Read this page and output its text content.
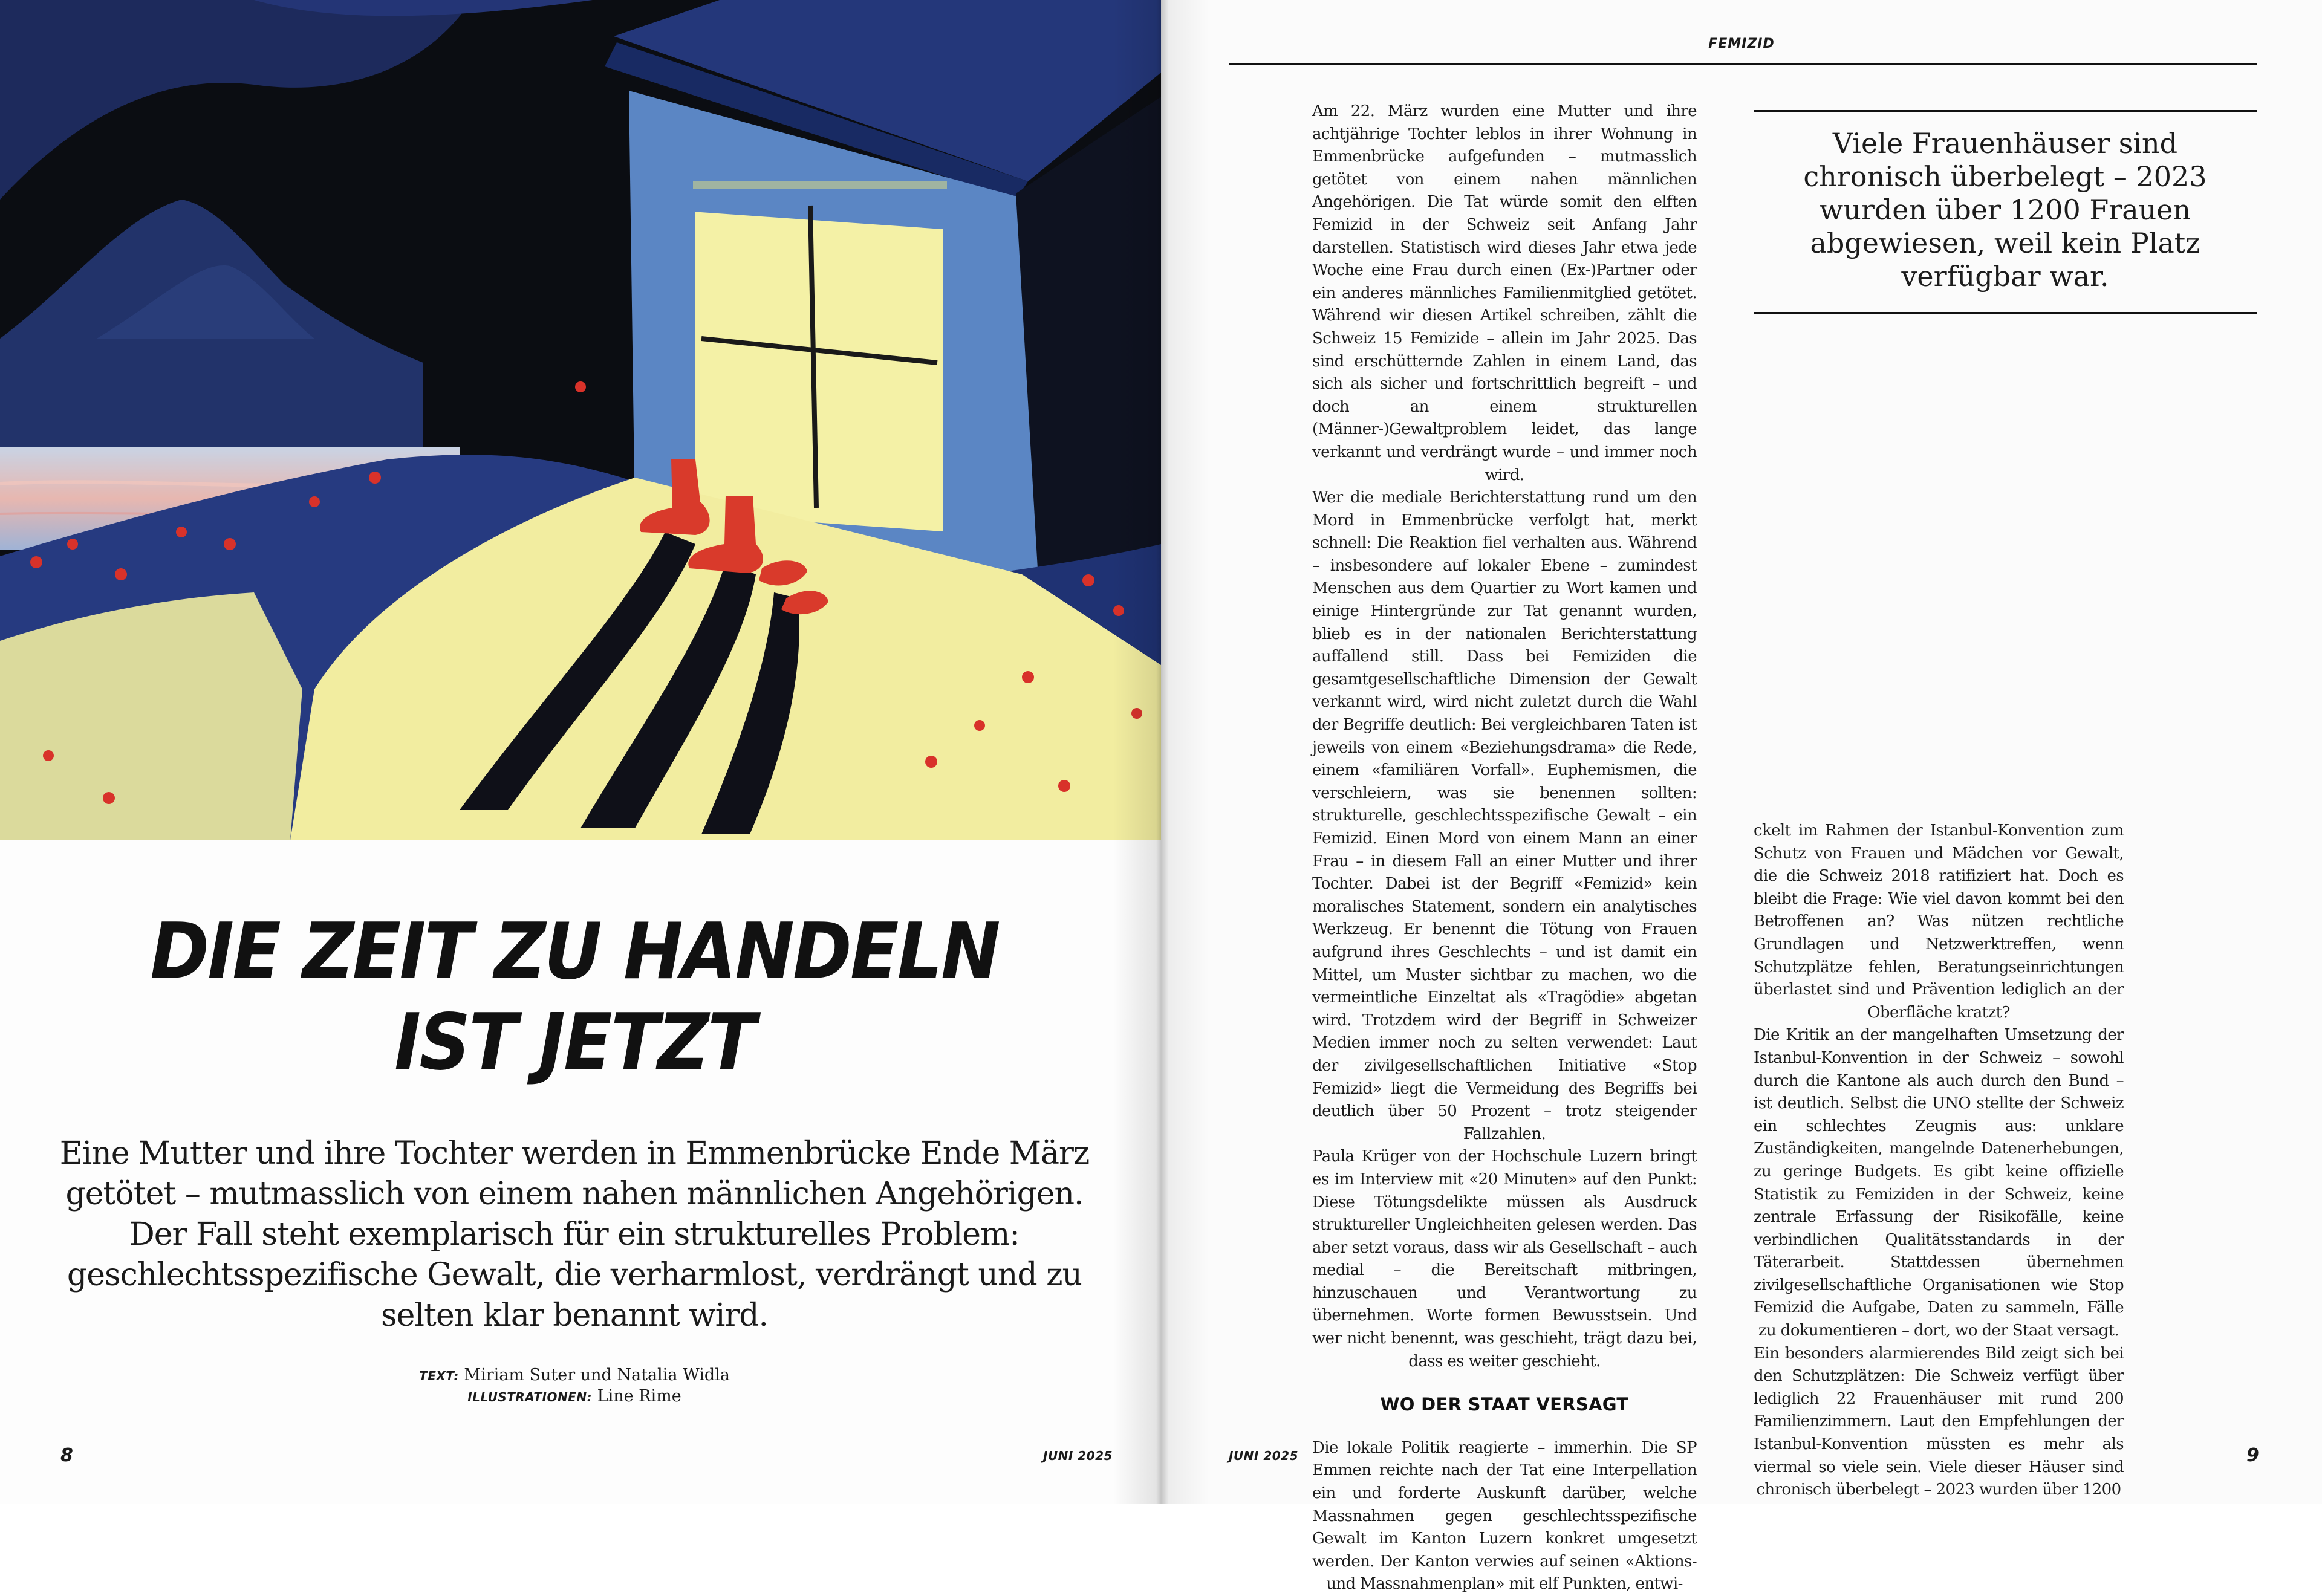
DIE ZEIT ZU HANDELN
IST JETZT

Eine Mutter und ihre Tochter werden in Emmenbrücke Ende März getötet – mutmasslich von einem nahen männlichen Angehörigen. Der Fall steht exemplarisch für ein strukturelles Problem: geschlechtsspezifische Gewalt, die verharmlost, verdrängt und zu selten klar benannt wird.

TEXT: Miriam Suter und Natalia Widla
ILLUSTRATIONEN: Line Rime
8	JUNI 2025
FEMIZID

Am 22. März wurden eine Mutter und ihre achtjährige Tochter leblos in ihrer Wohnung in Emmenbrücke aufgefunden – mutmasslich getötet von einem nahen männlichen Angehörigen. Die Tat würde somit den elften Femizid in der Schweiz seit Anfang Jahr darstellen. Statistisch wird dieses Jahr etwa jede Woche eine Frau durch einen (Ex-)Partner oder ein anderes männliches Familienmitglied getötet. Während wir diesen Artikel schreiben, zählt die Schweiz 15 Femizide – allein im Jahr 2025. Das sind erschütternde Zahlen in einem Land, das sich als sicher und fortschrittlich begreift – und doch an einem strukturellen (Männer-)Gewaltproblem leidet, das lange verkannt und verdrängt wurde – und immer noch wird.

Wer die mediale Berichterstattung rund um den Mord in Emmenbrücke verfolgt hat, merkt schnell: Die Reaktion fiel verhalten aus. Während – insbesondere auf lokaler Ebene – zumindest Menschen aus dem Quartier zu Wort kamen und einige Hintergründe zur Tat genannt wurden, blieb es in der nationalen Berichterstattung auffallend still. Dass bei Femiziden die gesamtgesellschaftliche Dimension der Gewalt verkannt wird, wird nicht zuletzt durch die Wahl der Begriffe deutlich: Bei vergleichbaren Taten ist jeweils von einem «Beziehungsdrama» die Rede, einem «familiären Vorfall». Euphemismen, die verschleiern, was sie benennen sollten: strukturelle, geschlechtsspezifische Gewalt – ein Femizid. Einen Mord von einem Mann an einer Frau – in diesem Fall an einer Mutter und ihrer Tochter. Dabei ist der Begriff «Femizid» kein moralisches Statement, sondern ein analytisches Werkzeug. Er benennt die Tötung von Frauen aufgrund ihres Geschlechts – und ist damit ein Mittel, um Muster sichtbar zu machen, wo die vermeintliche Einzeltat als «Tragödie» abgetan wird. Trotzdem wird der Begriff in Schweizer Medien immer noch zu selten verwendet: Laut der zivilgesellschaftlichen Initiative «Stop Femizid» liegt die Vermeidung des Begriffs bei deutlich über 50 Prozent – trotz steigender Fallzahlen.

Paula Krüger von der Hochschule Luzern bringt es im Interview mit «20 Minuten» auf den Punkt: Diese Tötungsdelikte müssen als Ausdruck struktureller Ungleichheiten gelesen werden. Das aber setzt voraus, dass wir als Gesellschaft – auch medial – die Bereitschaft mitbringen, hinzuschauen und Verantwortung zu übernehmen. Worte formen Bewusstsein. Und wer nicht benennt, was geschieht, trägt dazu bei, dass es weiter geschieht.

WO DER STAAT VERSAGT

Die lokale Politik reagierte – immerhin. Die SP Emmen reichte nach der Tat eine Interpellation ein und forderte Auskunft darüber, welche Massnahmen gegen geschlechtsspezifische Gewalt im Kanton Luzern konkret umgesetzt werden. Der Kanton verwies auf seinen «Aktions- und Massnahmenplan» mit elf Punkten, entwi-

Viele Frauenhäuser sind chronisch überbelegt – 2023 wurden über 1200 Frauen abgewiesen, weil kein Platz verfügbar war.

ckelt im Rahmen der Istanbul-Konvention zum Schutz von Frauen und Mädchen vor Gewalt, die die Schweiz 2018 ratifiziert hat. Doch es bleibt die Frage: Wie viel davon kommt bei den Betroffenen an? Was nützen rechtliche Grundlagen und Netzwerktreffen, wenn Schutzplätze fehlen, Beratungseinrichtungen überlastet sind und Prävention lediglich an der Oberfläche kratzt?

Die Kritik an der mangelhaften Umsetzung der Istanbul-Konvention in der Schweiz – sowohl durch die Kantone als auch durch den Bund – ist deutlich. Selbst die UNO stellte der Schweiz ein schlechtes Zeugnis aus: unklare Zuständigkeiten, mangelnde Datenerhebungen, zu geringe Budgets. Es gibt keine offizielle Statistik zu Femiziden in der Schweiz, keine zentrale Erfassung der Risikofälle, keine verbindlichen Qualitätsstandards in der Täterarbeit. Stattdessen übernehmen zivilgesellschaftliche Organisationen wie Stop Femizid die Aufgabe, Daten zu sammeln, Fälle zu dokumentieren – dort, wo der Staat versagt.

Ein besonders alarmierendes Bild zeigt sich bei den Schutzplätzen: Die Schweiz verfügt über lediglich 22 Frauenhäuser mit rund 200 Familienzimmern. Laut den Empfehlungen der Istanbul-Konvention müssten es mehr als viermal so viele sein. Viele dieser Häuser sind chronisch überbelegt – 2023 wurden über 1200

JUNI 2025	9
